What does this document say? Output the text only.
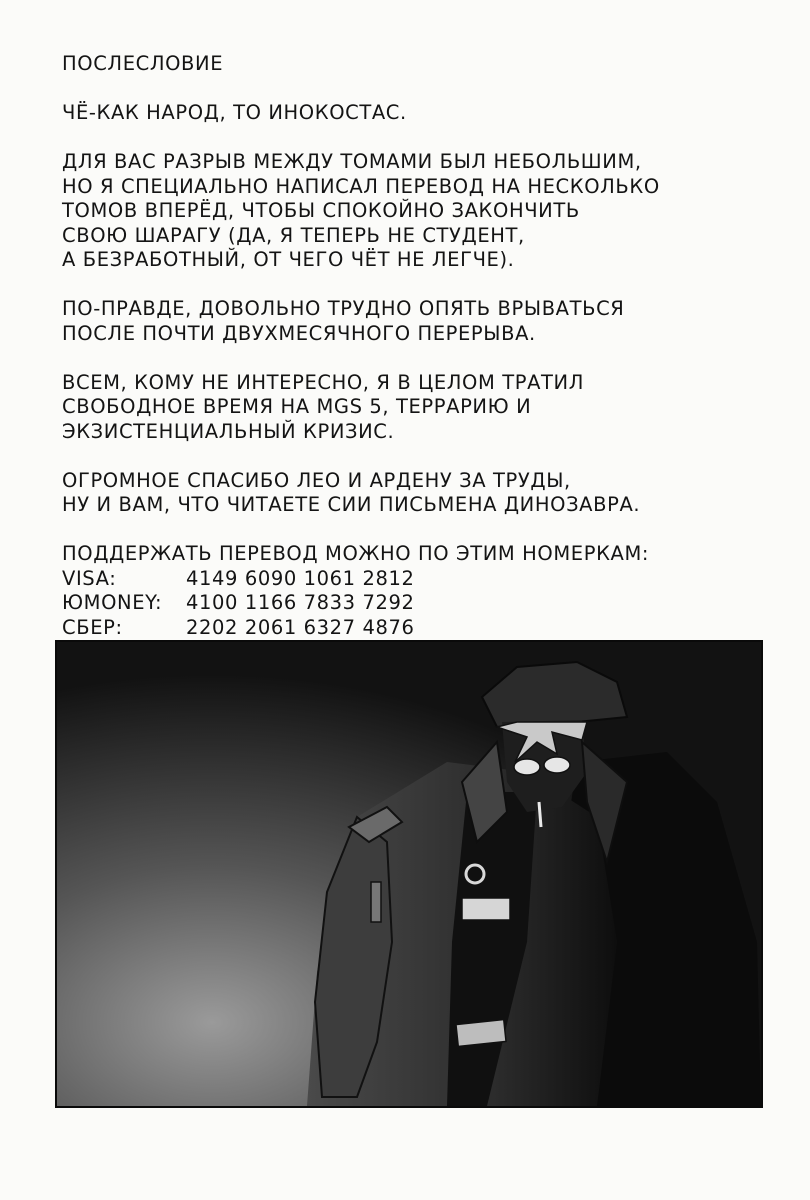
ПОСЛЕСЛОВИЕ
ЧЁ-КАК НАРОД, ТО ИНОКОСТАС.
ДЛЯ ВАС РАЗРЫВ МЕЖДУ ТОМАМИ БЫЛ НЕБОЛЬШИМ,
НО Я СПЕЦИАЛЬНО НАПИСАЛ ПЕРЕВОД НА НЕСКОЛЬКО
ТОМОВ ВПЕРЁД, ЧТОБЫ СПОКОЙНО ЗАКОНЧИТЬ
СВОЮ ШАРАГУ (ДА, Я ТЕПЕРЬ НЕ СТУДЕНТ,
А БЕЗРАБОТНЫЙ, ОТ ЧЕГО ЧЁТ НЕ ЛЕГЧЕ).
ПО-ПРАВДЕ, ДОВОЛЬНО ТРУДНО ОПЯТЬ ВРЫВАТЬСЯ
ПОСЛЕ ПОЧТИ ДВУХМЕСЯЧНОГО ПЕРЕРЫВА.
ВСЕМ, КОМУ НЕ ИНТЕРЕСНО, Я В ЦЕЛОМ ТРАТИЛ
СВОБОДНОЕ ВРЕМЯ НА MGS 5, ТЕРРАРИЮ И
ЭКЗИСТЕНЦИАЛЬНЫЙ КРИЗИС.
ОГРОМНОЕ СПАСИБО ЛЕО И АРДЕНУ ЗА ТРУДЫ,
НУ И ВАМ, ЧТО ЧИТАЕТЕ СИИ ПИСЬМЕНА ДИНОЗАВРА.
ПОДДЕРЖАТЬ ПЕРЕВОД МОЖНО ПО ЭТИМ НОМЕРКАМ:
VISA:	4149 6090 1061 2812
ЮMONEY: 4100 1166 7833 7292
СБЕР:	2202 2061 6327 4876
